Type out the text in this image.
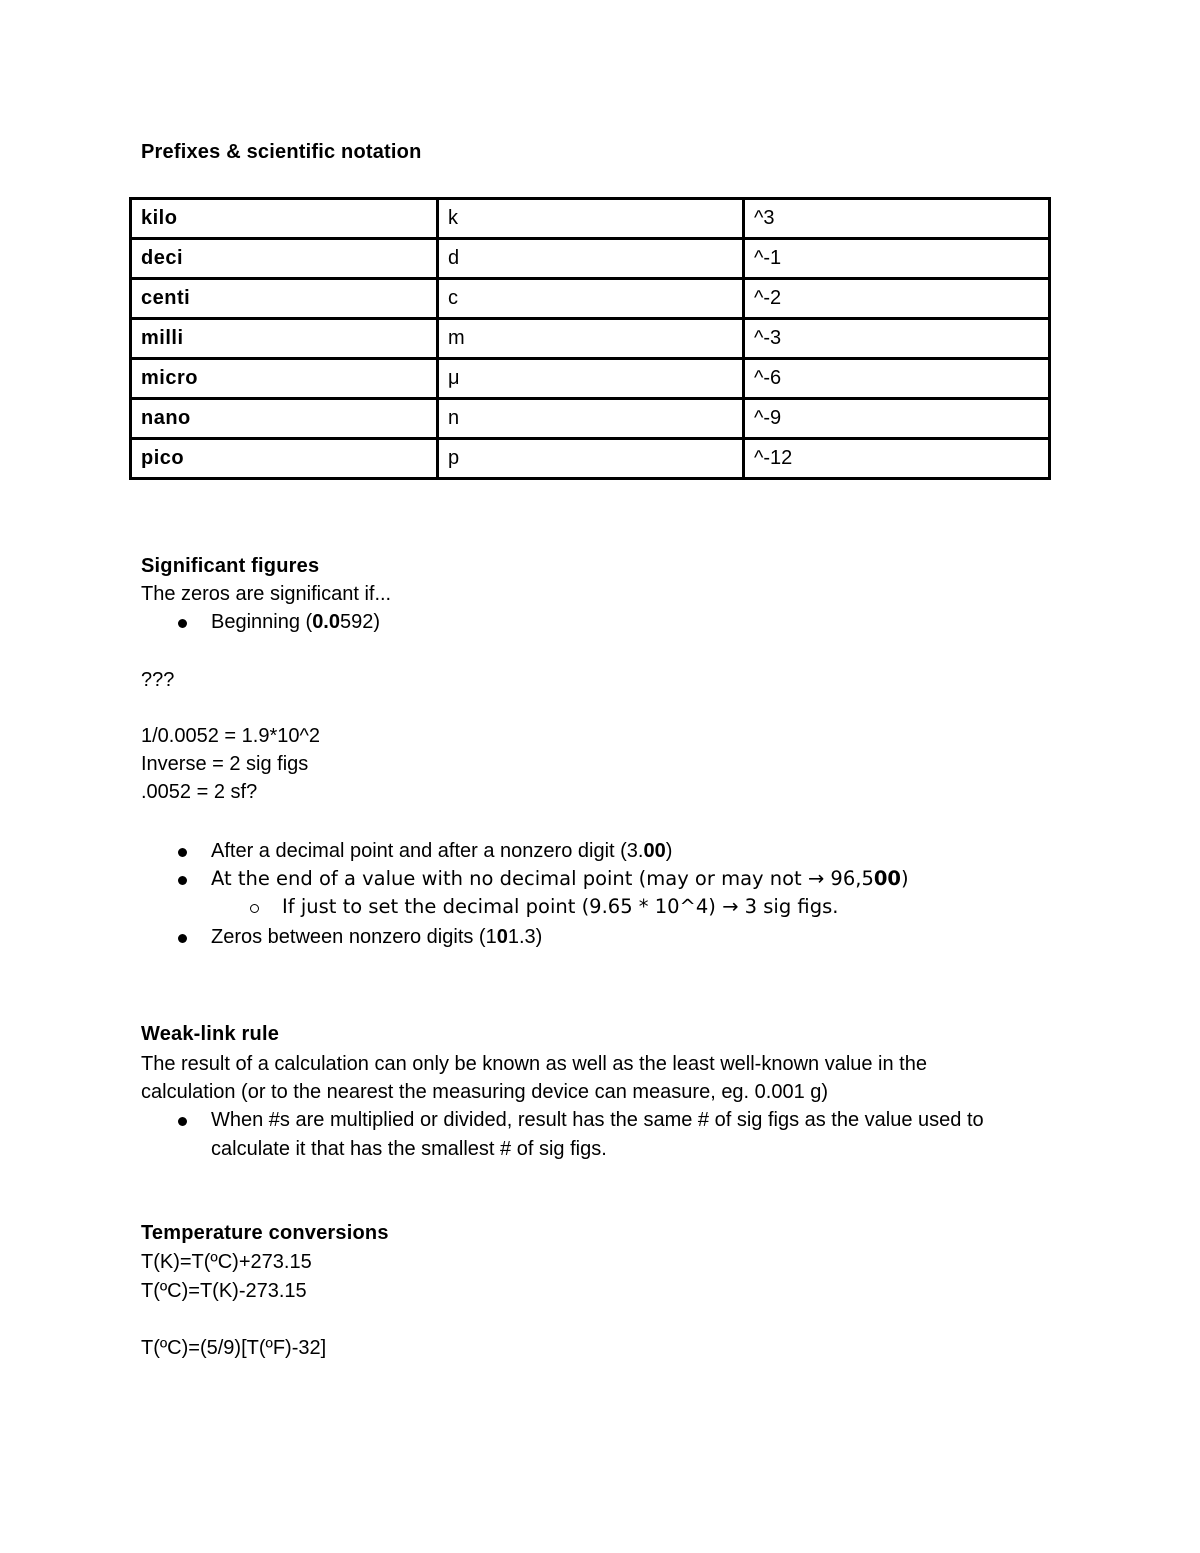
Prefixes & scientific notation
kilo	k	^3
deci	d	^-1
centi	c	^-2
milli	m	^-3
micro	μ	^-6
nano	n	^-9
pico	p	^-12
Significant figures
The zeros are significant if...
Beginning (0.0592)
???
1/0.0052 = 1.9*10^2
Inverse = 2 sig figs
.0052 = 2 sf?
After a decimal point and after a nonzero digit (3.00)
At the end of a value with no decimal point (may or may not → 96,500)
If just to set the decimal point (9.65 * 10^4) → 3 sig figs.
Zeros between nonzero digits (101.3)
Weak-link rule
The result of a calculation can only be known as well as the least well-known value in the
calculation (or to the nearest the measuring device can measure, eg. 0.001 g)
When #s are multiplied or divided, result has the same # of sig figs as the value used to
calculate it that has the smallest # of sig figs.
Temperature conversions
T(K)=T(ºC)+273.15
T(ºC)=T(K)-273.15
T(ºC)=(5/9)[T(ºF)-32]
